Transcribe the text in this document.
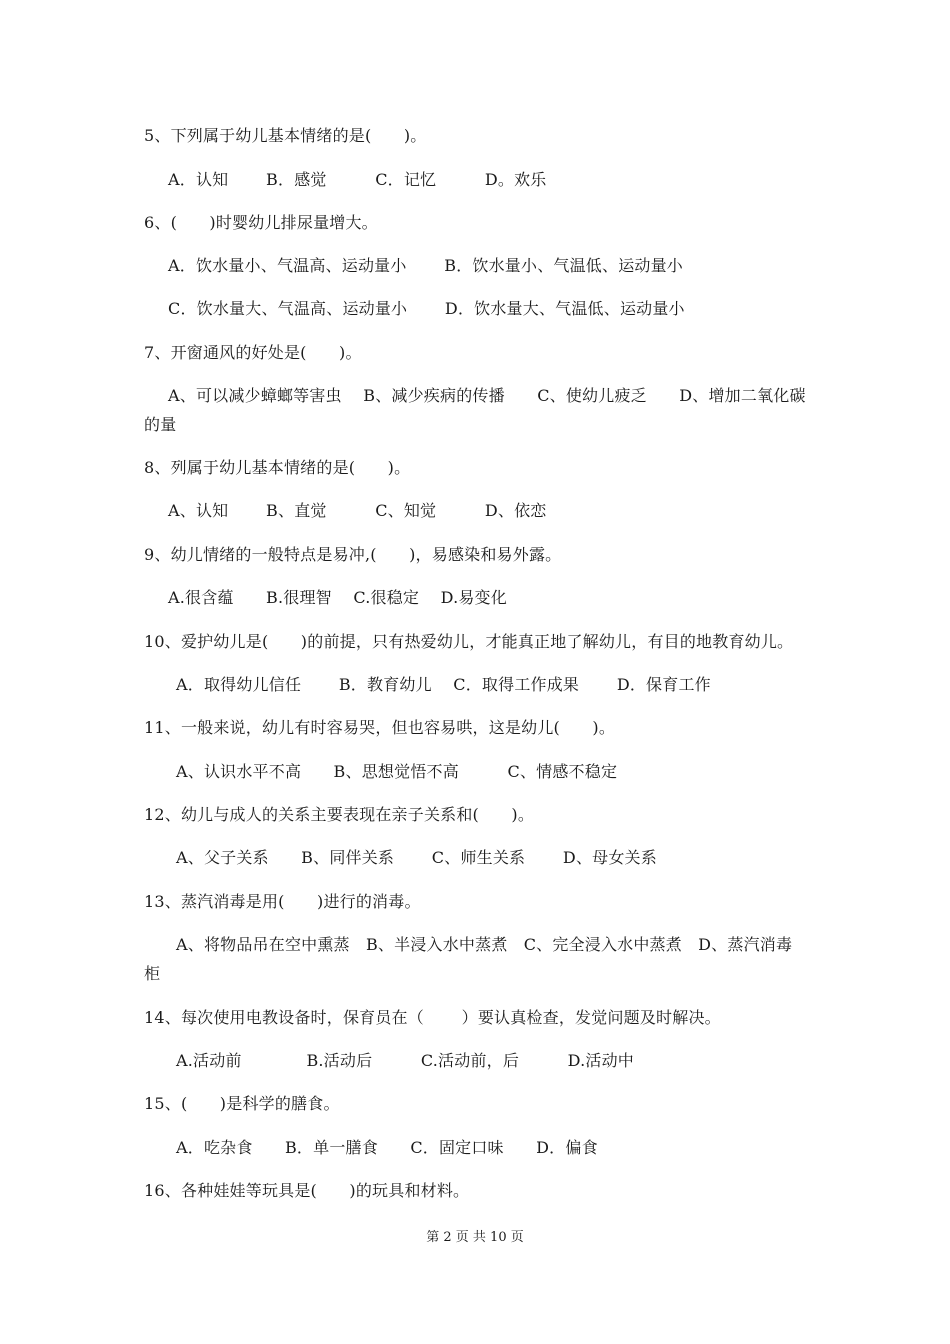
5、下列属于幼儿基本情绪的是(　　)。
A．认知　　 B．感觉　　　C．记忆　　　D。欢乐
6、(　　)时婴幼儿排尿量增大。
A．饮水量小、气温高、运动量小　　 B．饮水量小、气温低、运动量小
C．饮水量大、气温高、运动量小　　 D．饮水量大、气温低、运动量小
7、开窗通风的好处是(　　)。
A、可以减少蟑螂等害虫　 B、减少疾病的传播　　C、使幼儿疲乏　　D、增加二氧化碳
的量
8、列属于幼儿基本情绪的是(　　)。
A、认知　　 B、直觉　　　C、知觉　　　D、依恋
9、幼儿情绪的一般特点是易冲,(　　)，易感染和易外露。
A.很含蕴　　B.很理智　 C.很稳定　 D.易变化
10、爱护幼儿是(　　)的前提，只有热爱幼儿，才能真正地了解幼儿，有目的地教育幼儿。
A．取得幼儿信任　　 B．教育幼儿　 C．取得工作成果　　 D．保育工作
11、一般来说，幼儿有时容易哭，但也容易哄，这是幼儿(　　)。
A、认识水平不高　　B、思想觉悟不高　　　C、情感不稳定
12、幼儿与成人的关系主要表现在亲子关系和(　　)。
A、父子关系　　B、同伴关系　　 C、师生关系　　 D、母女关系
13、蒸汽消毒是用(　　)进行的消毒。
A、将物品吊在空中熏蒸　B、半浸入水中蒸煮　C、完全浸入水中蒸煮　D、蒸汽消毒
柜
14、每次使用电教设备时，保育员在（　　 ）要认真检查，发觉问题及时解决。
A.活动前　　　　B.活动后　　　C.活动前，后　　　D.活动中
15、(　　)是科学的膳食。
A．吃杂食　　B．单一膳食　　C．固定口味　　D．偏食
16、各种娃娃等玩具是(　　)的玩具和材料。
第 2 页 共 10 页
